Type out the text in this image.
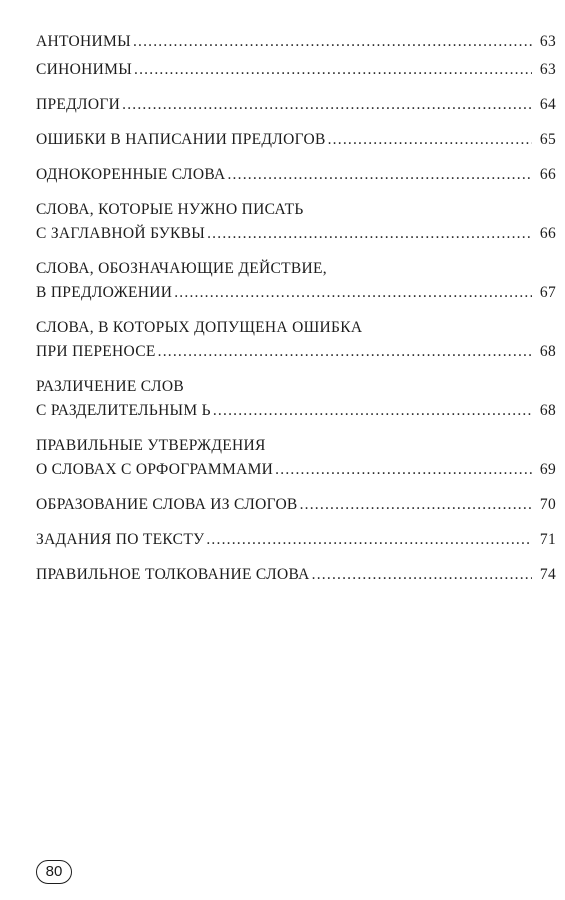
АНТОНИМЫ .....	63
СИНОНИМЫ .....	63
ПРЕДЛОГИ .....	64
ОШИБКИ В НАПИСАНИИ ПРЕДЛОГОВ .....	65
ОДНОКОРЕННЫЕ СЛОВА .....	66
СЛОВА, КОТОРЫЕ НУЖНО ПИСАТЬ
С ЗАГЛАВНОЙ БУКВЫ .....	66
СЛОВА, ОБОЗНАЧАЮЩИЕ ДЕЙСТВИЕ,
В ПРЕДЛОЖЕНИИ .....	67
СЛОВА, В КОТОРЫХ ДОПУЩЕНА ОШИБКА
ПРИ ПЕРЕНОСЕ .....	68
РАЗЛИЧЕНИЕ СЛОВ
С РАЗДЕЛИТЕЛЬНЫМ Ь .....	68
ПРАВИЛЬНЫЕ УТВЕРЖДЕНИЯ
О СЛОВАХ С ОРФОГРАММАМИ .....	69
ОБРАЗОВАНИЕ СЛОВА ИЗ СЛОГОВ .....	70
ЗАДАНИЯ ПО ТЕКСТУ .....	71
ПРАВИЛЬНОЕ ТОЛКОВАНИЕ СЛОВА .....	74
80
